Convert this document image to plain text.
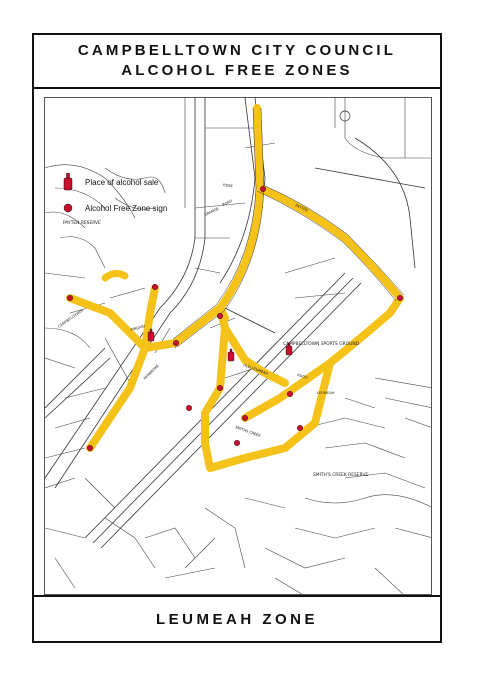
CAMPBELLTOWN CITY COUNCIL
ALCOHOL FREE ZONES
PAYTEN RESERVE
CAMPBELLTOWN SPORTS GROUND
SMITH'S CREEK RESERVE
ROSE
PAYTEN
GRANGE
ROAD
PEMBROKE
CAMPBELLTOWN	PINDARI
LEUMEAH
OLD LEUMEAH
RUDD
SMITHS CREEK
Place of alcohol sale
Alcohol Free Zone sign
LEUMEAH ZONE
